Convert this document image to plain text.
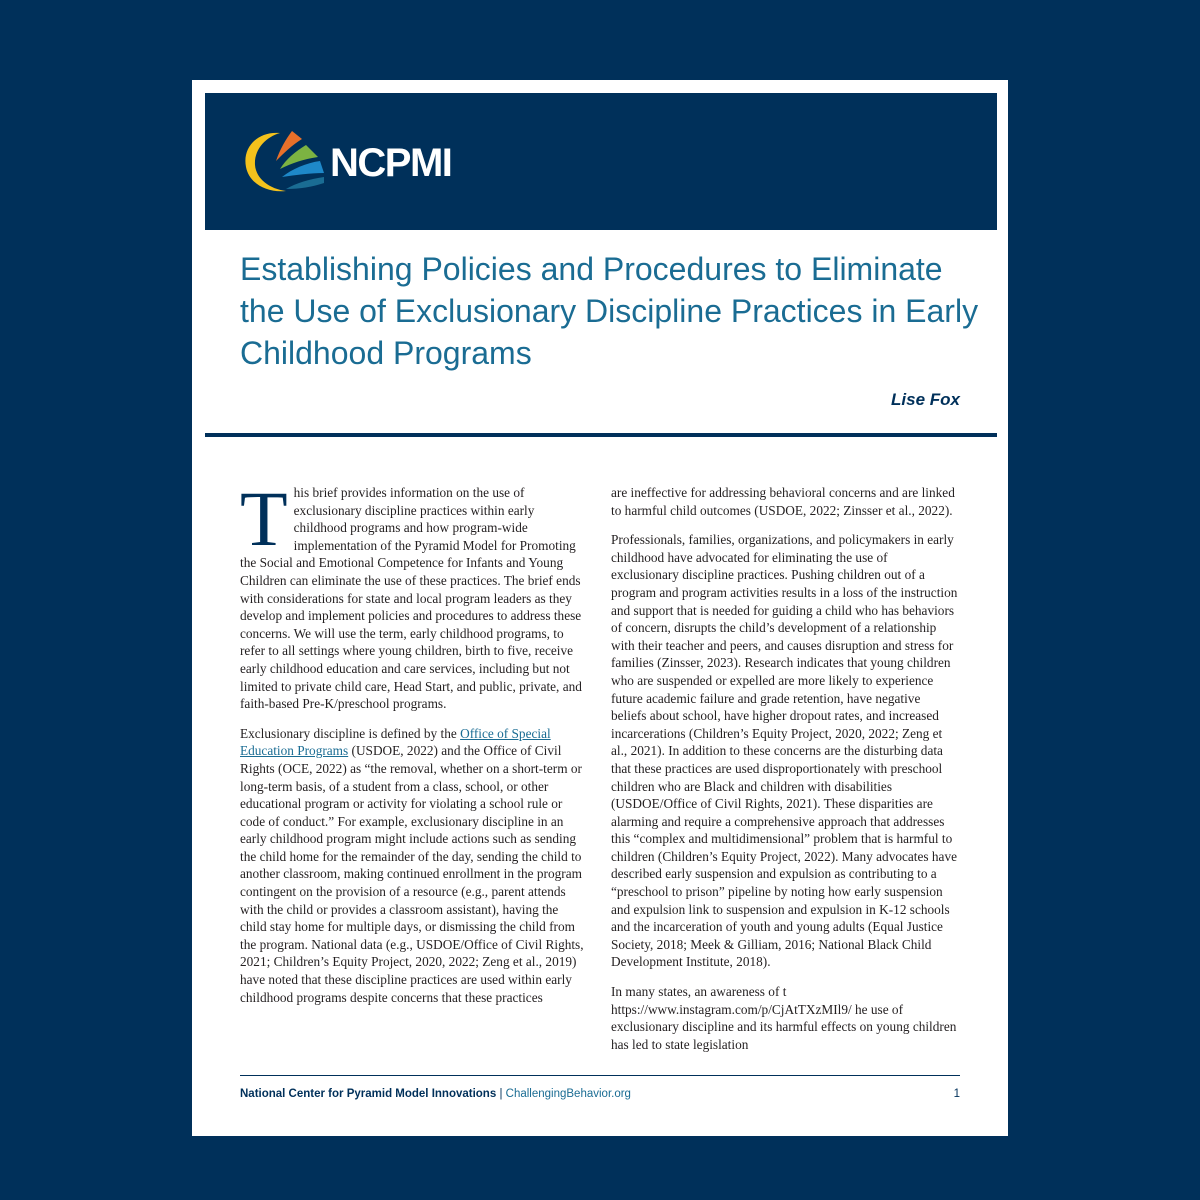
NCPMI
Establishing Policies and Procedures to Eliminate the Use of Exclusionary Discipline Practices in Early Childhood Programs
Lise Fox

This brief provides information on the use of exclusionary discipline practices within early childhood programs and how program-wide implementation of the Pyramid Model for Promoting the Social and Emotional Competence for Infants and Young Children can eliminate the use of these practices. The brief ends with considerations for state and local program leaders as they develop and implement policies and procedures to address these concerns. We will use the term, early childhood programs, to refer to all settings where young children, birth to five, receive early childhood education and care services, including but not limited to private child care, Head Start, and public, private, and faith-based Pre-K/preschool programs.

Exclusionary discipline is defined by the Office of Special Education Programs (USDOE, 2022) and the Office of Civil Rights (OCE, 2022) as “the removal, whether on a short-term or long-term basis, of a student from a class, school, or other educational program or activity for violating a school rule or code of conduct.” For example, exclusionary discipline in an early childhood program might include actions such as sending the child home for the remainder of the day, sending the child to another classroom, making continued enrollment in the program contingent on the provision of a resource (e.g., parent attends with the child or provides a classroom assistant), having the child stay home for multiple days, or dismissing the child from the program. National data (e.g., USDOE/Office of Civil Rights, 2021; Children’s Equity Project, 2020, 2022; Zeng et al., 2019) have noted that these discipline practices are used within early childhood programs despite concerns that these practices

are ineffective for addressing behavioral concerns and are linked to harmful child outcomes (USDOE, 2022; Zinsser et al., 2022).

Professionals, families, organizations, and policymakers in early childhood have advocated for eliminating the use of exclusionary discipline practices. Pushing children out of a program and program activities results in a loss of the instruction and support that is needed for guiding a child who has behaviors of concern, disrupts the child’s development of a relationship with their teacher and peers, and causes disruption and stress for families (Zinsser, 2023). Research indicates that young children who are suspended or expelled are more likely to experience future academic failure and grade retention, have negative beliefs about school, have higher dropout rates, and increased incarcerations (Children’s Equity Project, 2020, 2022; Zeng et al., 2021). In addition to these concerns are the disturbing data that these practices are used disproportionately with preschool children who are Black and children with disabilities (USDOE/Office of Civil Rights, 2021). These disparities are alarming and require a comprehensive approach that addresses this “complex and multidimensional” problem that is harmful to children (Children’s Equity Project, 2022). Many advocates have described early suspension and expulsion as contributing to a “preschool to prison” pipeline by noting how early suspension and expulsion link to suspension and expulsion in K-12 schools and the incarceration of youth and young adults (Equal Justice Society, 2018; Meek & Gilliam, 2016; National Black Child Development Institute, 2018).

In many states, an awareness of t https://www.instagram.com/p/CjAtTXzMIl9/ he use of exclusionary discipline and its harmful effects on young children has led to state legislation

National Center for Pyramid Model Innovations | ChallengingBehavior.org	1
